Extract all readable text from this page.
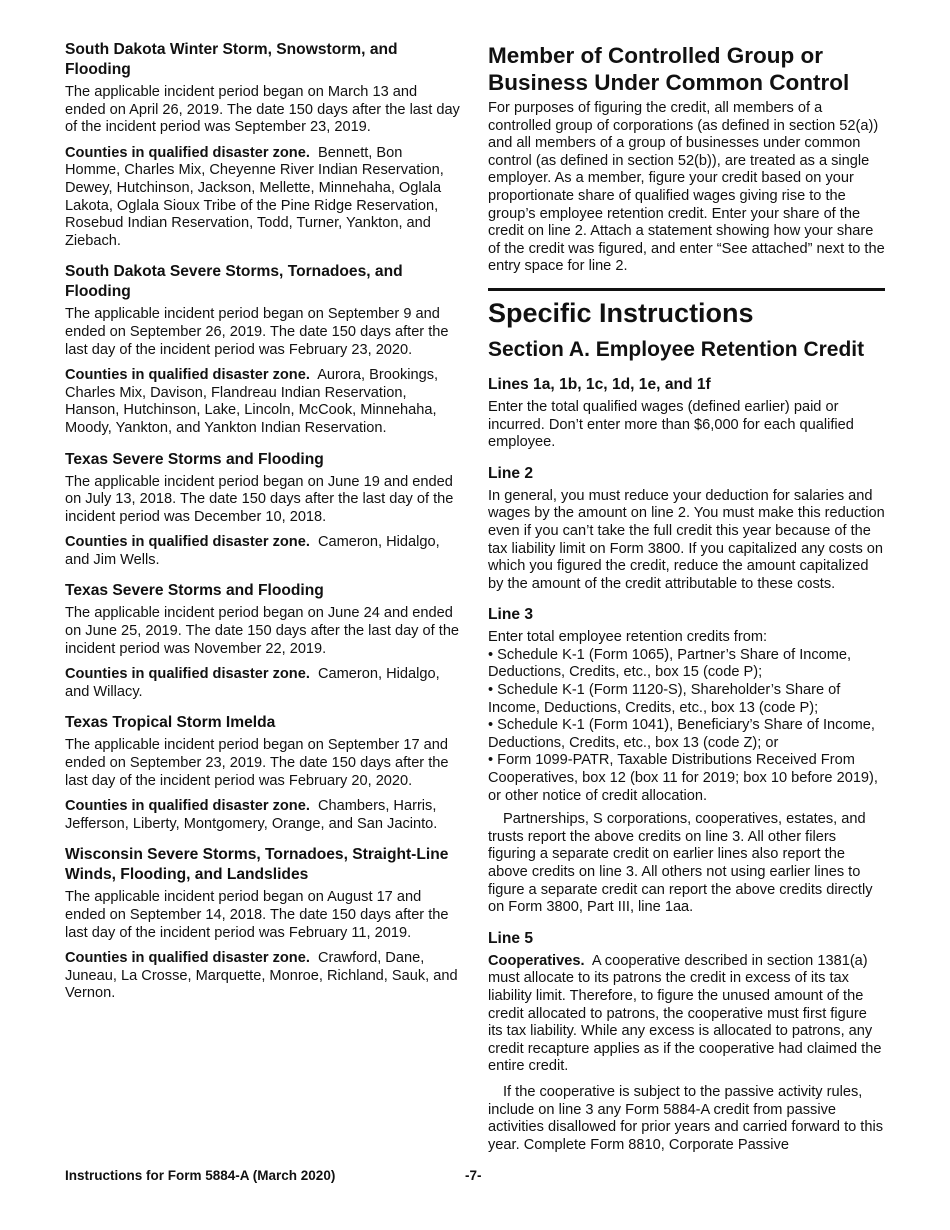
South Dakota Winter Storm, Snowstorm, and Flooding

The applicable incident period began on March 13 and ended on April 26, 2019. The date 150 days after the last day of the incident period was September 23, 2019.

Counties in qualified disaster zone. Bennett, Bon Homme, Charles Mix, Cheyenne River Indian Reservation, Dewey, Hutchinson, Jackson, Mellette, Minnehaha, Oglala Lakota, Oglala Sioux Tribe of the Pine Ridge Reservation, Rosebud Indian Reservation, Todd, Turner, Yankton, and Ziebach.

South Dakota Severe Storms, Tornadoes, and Flooding

The applicable incident period began on September 9 and ended on September 26, 2019. The date 150 days after the last day of the incident period was February 23, 2020.

Counties in qualified disaster zone. Aurora, Brookings, Charles Mix, Davison, Flandreau Indian Reservation, Hanson, Hutchinson, Lake, Lincoln, McCook, Minnehaha, Moody, Yankton, and Yankton Indian Reservation.

Texas Severe Storms and Flooding

The applicable incident period began on June 19 and ended on July 13, 2018. The date 150 days after the last day of the incident period was December 10, 2018.

Counties in qualified disaster zone. Cameron, Hidalgo, and Jim Wells.

Texas Severe Storms and Flooding

The applicable incident period began on June 24 and ended on June 25, 2019. The date 150 days after the last day of the incident period was November 22, 2019.

Counties in qualified disaster zone. Cameron, Hidalgo, and Willacy.

Texas Tropical Storm Imelda

The applicable incident period began on September 17 and ended on September 23, 2019. The date 150 days after the last day of the incident period was February 20, 2020.

Counties in qualified disaster zone. Chambers, Harris, Jefferson, Liberty, Montgomery, Orange, and San Jacinto.

Wisconsin Severe Storms, Tornadoes, Straight-Line Winds, Flooding, and Landslides

The applicable incident period began on August 17 and ended on September 14, 2018. The date 150 days after the last day of the incident period was February 11, 2019.

Counties in qualified disaster zone. Crawford, Dane, Juneau, La Crosse, Marquette, Monroe, Richland, Sauk, and Vernon.

Member of Controlled Group or Business Under Common Control

For purposes of figuring the credit, all members of a controlled group of corporations (as defined in section 52(a)) and all members of a group of businesses under common control (as defined in section 52(b)), are treated as a single employer. As a member, figure your credit based on your proportionate share of qualified wages giving rise to the group’s employee retention credit. Enter your share of the credit on line 2. Attach a statement showing how your share of the credit was figured, and enter “See attached” next to the entry space for line 2.

Specific Instructions
Section A. Employee Retention Credit
Lines 1a, 1b, 1c, 1d, 1e, and 1f

Enter the total qualified wages (defined earlier) paid or incurred. Don’t enter more than $6,000 for each qualified employee.

Line 2

In general, you must reduce your deduction for salaries and wages by the amount on line 2. You must make this reduction even if you can’t take the full credit this year because of the tax liability limit on Form 3800. If you capitalized any costs on which you figured the credit, reduce the amount capitalized by the amount of the credit attributable to these costs.

Line 3

Enter total employee retention credits from:

• Schedule K-1 (Form 1065), Partner’s Share of Income, Deductions, Credits, etc., box 15 (code P);
• Schedule K-1 (Form 1120-S), Shareholder’s Share of Income, Deductions, Credits, etc., box 13 (code P);
• Schedule K-1 (Form 1041), Beneficiary’s Share of Income, Deductions, Credits, etc., box 13 (code Z); or
• Form 1099-PATR, Taxable Distributions Received From Cooperatives, box 12 (box 11 for 2019; box 10 before 2019), or other notice of credit allocation.

Partnerships, S corporations, cooperatives, estates, and trusts report the above credits on line 3. All other filers figuring a separate credit on earlier lines also report the above credits on line 3. All others not using earlier lines to figure a separate credit can report the above credits directly on Form 3800, Part III, line 1aa.

Line 5

Cooperatives. A cooperative described in section 1381(a) must allocate to its patrons the credit in excess of its tax liability limit. Therefore, to figure the unused amount of the credit allocated to patrons, the cooperative must first figure its tax liability. While any excess is allocated to patrons, any credit recapture applies as if the cooperative had claimed the entire credit.

If the cooperative is subject to the passive activity rules, include on line 3 any Form 5884-A credit from passive activities disallowed for prior years and carried forward to this year. Complete Form 8810, Corporate Passive

Instructions for Form 5884-A (March 2020)	-7-
